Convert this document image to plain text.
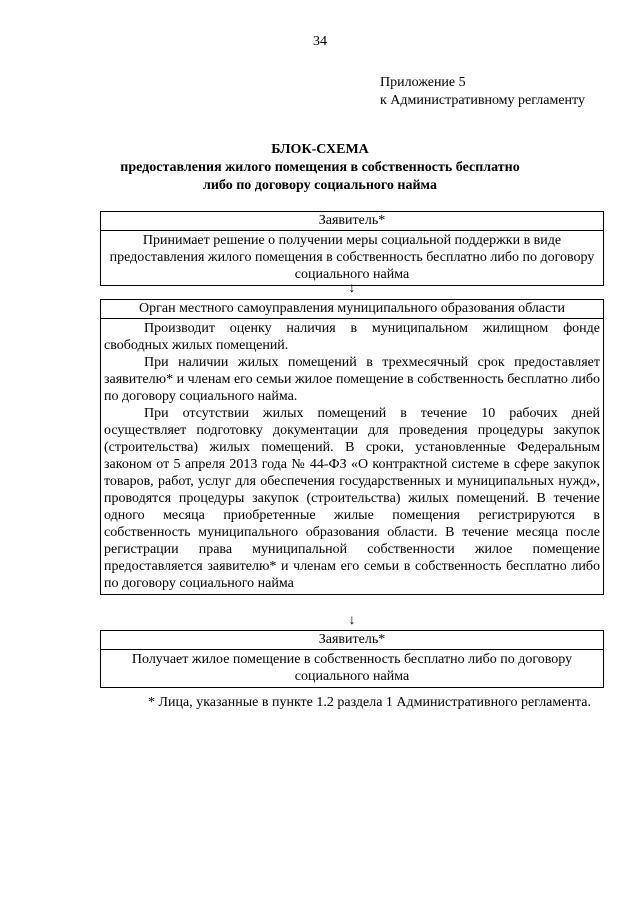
34
Приложение 5
к Административному регламенту
БЛОК-СХЕМА
предоставления жилого помещения в собственность бесплатно
либо по договору социального найма
Заявитель*
Принимает решение о получении меры социальной поддержки в виде предоставления жилого помещения в собственность бесплатно либо по договору социального найма
↓
Орган местного самоуправления муниципального образования области

Производит оценку наличия в муниципальном жилищном фонде свободных жилых помещений.

При наличии жилых помещений в трехмесячный срок предоставляет заявителю* и членам его семьи жилое помещение в собственность бесплатно либо по договору социального найма.

При отсутствии жилых помещений в течение 10 рабочих дней осуществляет подготовку документации для проведения процедуры закупок (строительства) жилых помещений. В сроки, установленные Федеральным законом от 5 апреля 2013 года № 44-ФЗ «О контрактной системе в сфере закупок товаров, работ, услуг для обеспечения государственных и муниципальных нужд», проводятся процедуры закупок (строительства) жилых помещений. В течение одного месяца приобретенные жилые помещения регистрируются в собственность муниципального образования области. В течение месяца после регистрации права муниципальной собственности жилое помещение предоставляется заявителю* и членам его семьи в собственность бесплатно либо по договору социального найма

↓
Заявитель*
Получает жилое помещение в собственность бесплатно либо по договору социального найма
* Лица, указанные в пункте 1.2 раздела 1 Административного регламента.
